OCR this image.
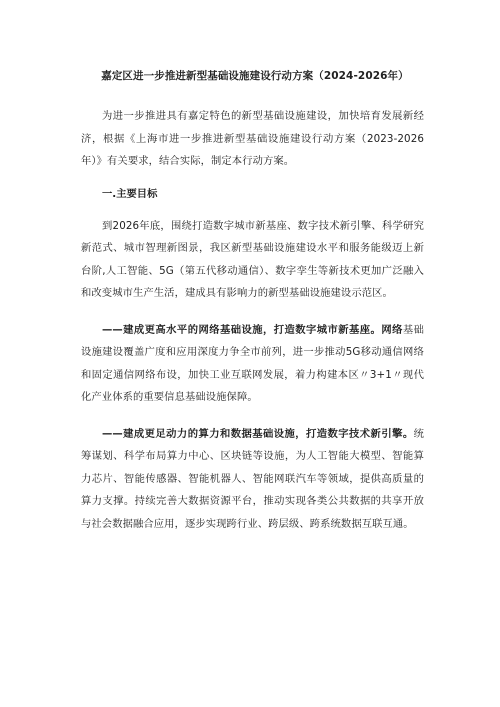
嘉定区进一步推进新型基础设施建设行动方案（2024-2026年）

为进一步推进具有嘉定特色的新型基础设施建设，加快培育发展新经济，根据《上海市进一步推进新型基础设施建设行动方案（2023-2026年）》有关要求，结合实际，制定本行动方案。

一.主要目标

到2026年底，围绕打造数字城市新基座、数字技术新引擎、科学研究新范式、城市智理新图景，我区新型基础设施建设水平和服务能级迈上新台阶,人工智能、5G（第五代移动通信）、数字孪生等新技术更加广泛融入和改变城市生产生活，建成具有影响力的新型基础设施建设示范区。

——建成更高水平的网络基础设施，打造数字城市新基座。网络基础设施建设覆盖广度和应用深度力争全市前列，进一步推动5G移动通信网络和固定通信网络布设，加快工业互联网发展，着力构建本区〃3+1〃现代化产业体系的重要信息基础设施保障。

——建成更足动力的算力和数据基础设施，打造数字技术新引擎。统筹谋划、科学布局算力中心、区块链等设施，为人工智能大模型、智能算力芯片、智能传感器、智能机器人、智能网联汽车等领域，提供高质量的算力支撑。持续完善大数据资源平台，推动实现各类公共数据的共享开放与社会数据融合应用，逐步实现跨行业、跨层级、跨系统数据互联互通。
